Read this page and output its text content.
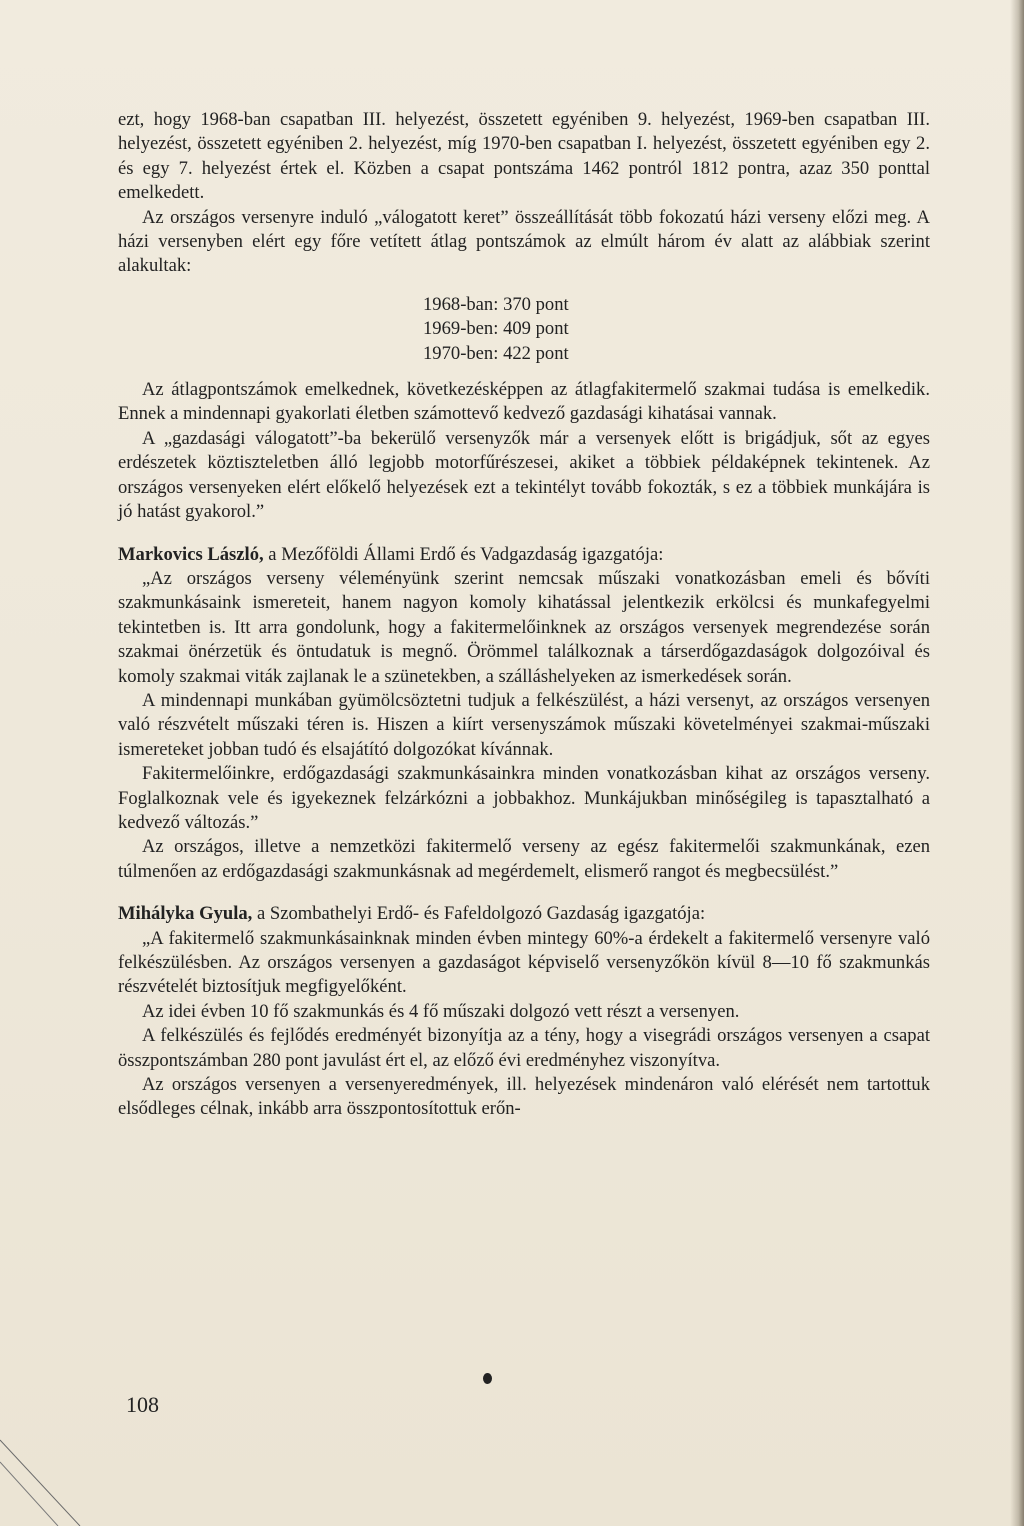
ezt, hogy 1968-ban csapatban III. helyezést, összetett egyéniben 9. helyezést, 1969-ben csapatban III. helyezést, összetett egyéniben 2. helyezést, míg 1970-ben csapatban I. helyezést, összetett egyéniben egy 2. és egy 7. helyezést értek el. Közben a csapat pontszáma 1462 pontról 1812 pontra, azaz 350 ponttal emelkedett.

Az országos versenyre induló „válogatott keret” összeállítását több fokozatú házi verseny előzi meg. A házi versenyben elért egy főre vetített átlag pontszámok az elmúlt három év alatt az alábbiak szerint alakultak:

1968-ban: 370 pont
1969-ben: 409 pont
1970-ben: 422 pont

Az átlagpontszámok emelkednek, következésképpen az átlagfakitermelő szakmai tudása is emelkedik. Ennek a mindennapi gyakorlati életben számottevő kedvező gazdasági kihatásai vannak.

A „gazdasági válogatott”-ba bekerülő versenyzők már a versenyek előtt is brigádjuk, sőt az egyes erdészetek köztiszteletben álló legjobb motorfűrészesei, akiket a többiek példaképnek tekintenek. Az országos versenyeken elért előkelő helyezések ezt a tekintélyt tovább fokozták, s ez a többiek munkájára is jó hatást gyakorol.”

Markovics László, a Mezőföldi Állami Erdő és Vadgazdaság igazgatója:

„Az országos verseny véleményünk szerint nemcsak műszaki vonatkozásban emeli és bővíti szakmunkásaink ismereteit, hanem nagyon komoly kihatással jelentkezik erkölcsi és munkafegyelmi tekintetben is. Itt arra gondolunk, hogy a fakitermelőinknek az országos versenyek megrendezése során szakmai önérzetük és öntudatuk is megnő. Örömmel találkoznak a társerdőgazdaságok dolgozóival és komoly szakmai viták zajlanak le a szünetekben, a szálláshelyeken az ismerkedések során.

A mindennapi munkában gyümölcsöztetni tudjuk a felkészülést, a házi versenyt, az országos versenyen való részvételt műszaki téren is. Hiszen a kiírt versenyszámok műszaki követelményei szakmai-műszaki ismereteket jobban tudó és elsajátító dolgozókat kívánnak.

Fakitermelőinkre, erdőgazdasági szakmunkásainkra minden vonatkozásban kihat az országos verseny. Foglalkoznak vele és igyekeznek felzárkózni a jobbakhoz. Munkájukban minőségileg is tapasztalható a kedvező változás.”

Az országos, illetve a nemzetközi fakitermelő verseny az egész fakitermelői szakmunkának, ezen túlmenően az erdőgazdasági szakmunkásnak ad megérdemelt, elismerő rangot és megbecsülést.”

Mihályka Gyula, a Szombathelyi Erdő- és Fafeldolgozó Gazdaság igazgatója:

„A fakitermelő szakmunkásainknak minden évben mintegy 60%-a érdekelt a fakitermelő versenyre való felkészülésben. Az országos versenyen a gazdaságot képviselő versenyzőkön kívül 8—10 fő szakmunkás részvételét biztosítjuk megfigyelőként.

Az idei évben 10 fő szakmunkás és 4 fő műszaki dolgozó vett részt a versenyen.

A felkészülés és fejlődés eredményét bizonyítja az a tény, hogy a visegrádi országos versenyen a csapat összpontszámban 280 pont javulást ért el, az előző évi eredményhez viszonyítva.

Az országos versenyen a versenyeredmények, ill. helyezések mindenáron való elérését nem tartottuk elsődleges célnak, inkább arra összpontosítottuk erőn-

108
